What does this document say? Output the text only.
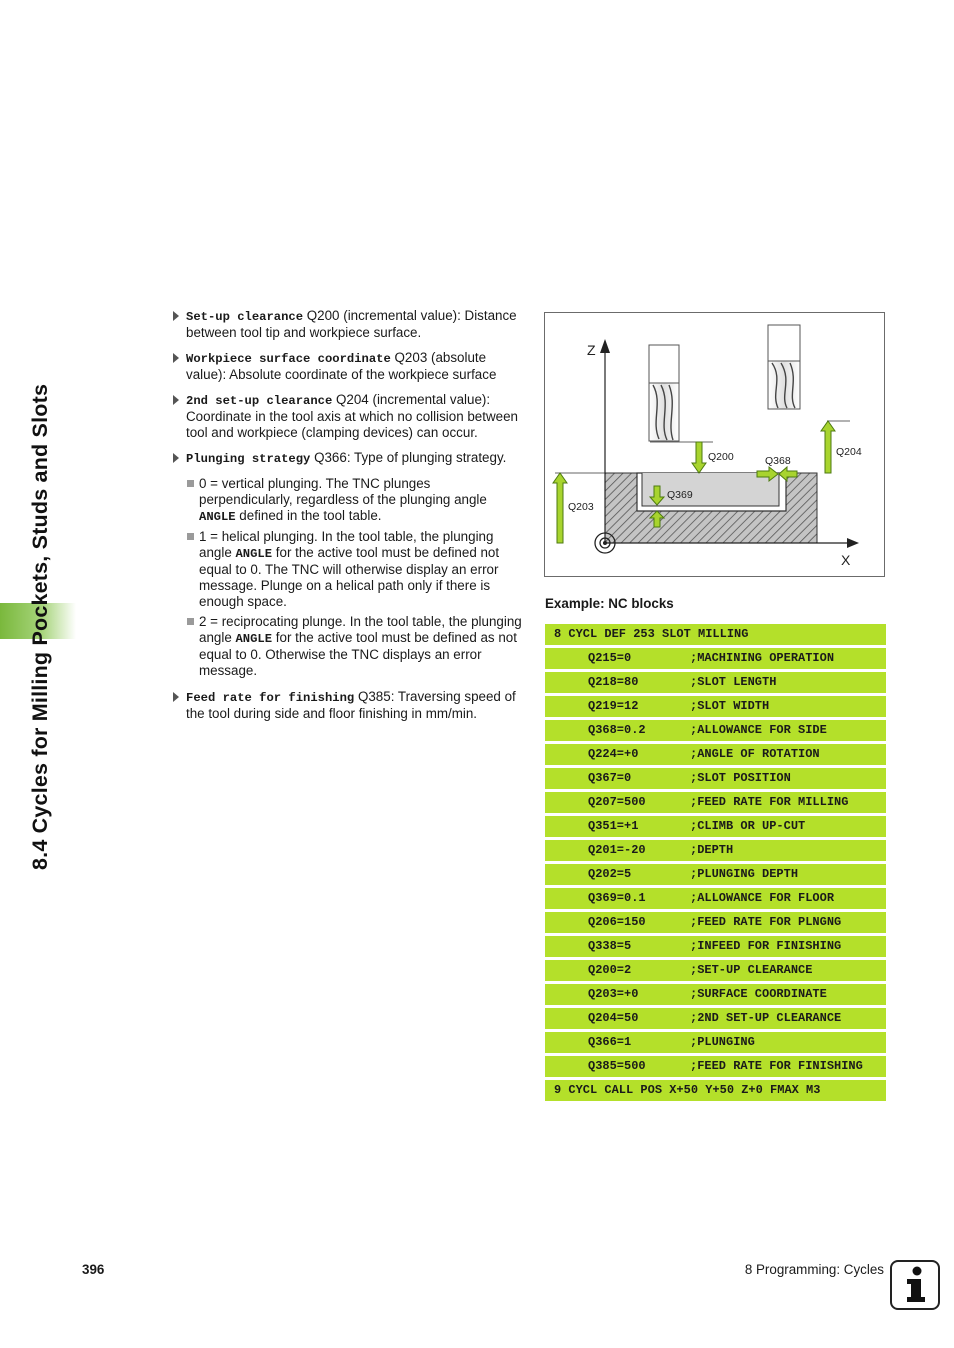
8.4 Cycles for Milling Pockets, Studs and Slots
Set-up clearance Q200 (incremental value): Distance between tool tip and workpiece surface.
Workpiece surface coordinate Q203 (absolute value): Absolute coordinate of the workpiece surface
2nd set-up clearance Q204 (incremental value): Coordinate in the tool axis at which no collision between tool and workpiece (clamping devices) can occur.
Plunging strategy Q366: Type of plunging strategy.
0 = vertical plunging. The TNC plunges perpendicularly, regardless of the plunging angle ANGLE defined in the tool table.
1 = helical plunging. In the tool table, the plunging angle ANGLE for the active tool must be defined not equal to 0. The TNC will otherwise display an error message. Plunge on a helical path only if there is enough space.
2 = reciprocating plunge. In the tool table, the plunging angle ANGLE for the active tool must be defined as not equal to 0. Otherwise the TNC displays an error message.
Feed rate for finishing Q385: Traversing speed of the tool during side and floor finishing in mm/min.
Z
X
Q203
Q200	Q204
Q368
Q369
Example: NC blocks
8 CYCL DEF 253 SLOT MILLING
Q215=0	;MACHINING OPERATION
Q218=80	;SLOT LENGTH
Q219=12	;SLOT WIDTH
Q368=0.2	;ALLOWANCE FOR SIDE
Q224=+0	;ANGLE OF ROTATION
Q367=0	;SLOT POSITION
Q207=500	;FEED RATE FOR MILLING
Q351=+1	;CLIMB OR UP-CUT
Q201=-20	;DEPTH
Q202=5	;PLUNGING DEPTH
Q369=0.1	;ALLOWANCE FOR FLOOR
Q206=150	;FEED RATE FOR PLNGNG
Q338=5	;INFEED FOR FINISHING
Q200=2	;SET-UP CLEARANCE
Q203=+0	;SURFACE COORDINATE
Q204=50	;2ND SET-UP CLEARANCE
Q366=1	;PLUNGING
Q385=500	;FEED RATE FOR FINISHING
9 CYCL CALL POS X+50 Y+50 Z+0 FMAX M3
396	8 Programming: Cycles
